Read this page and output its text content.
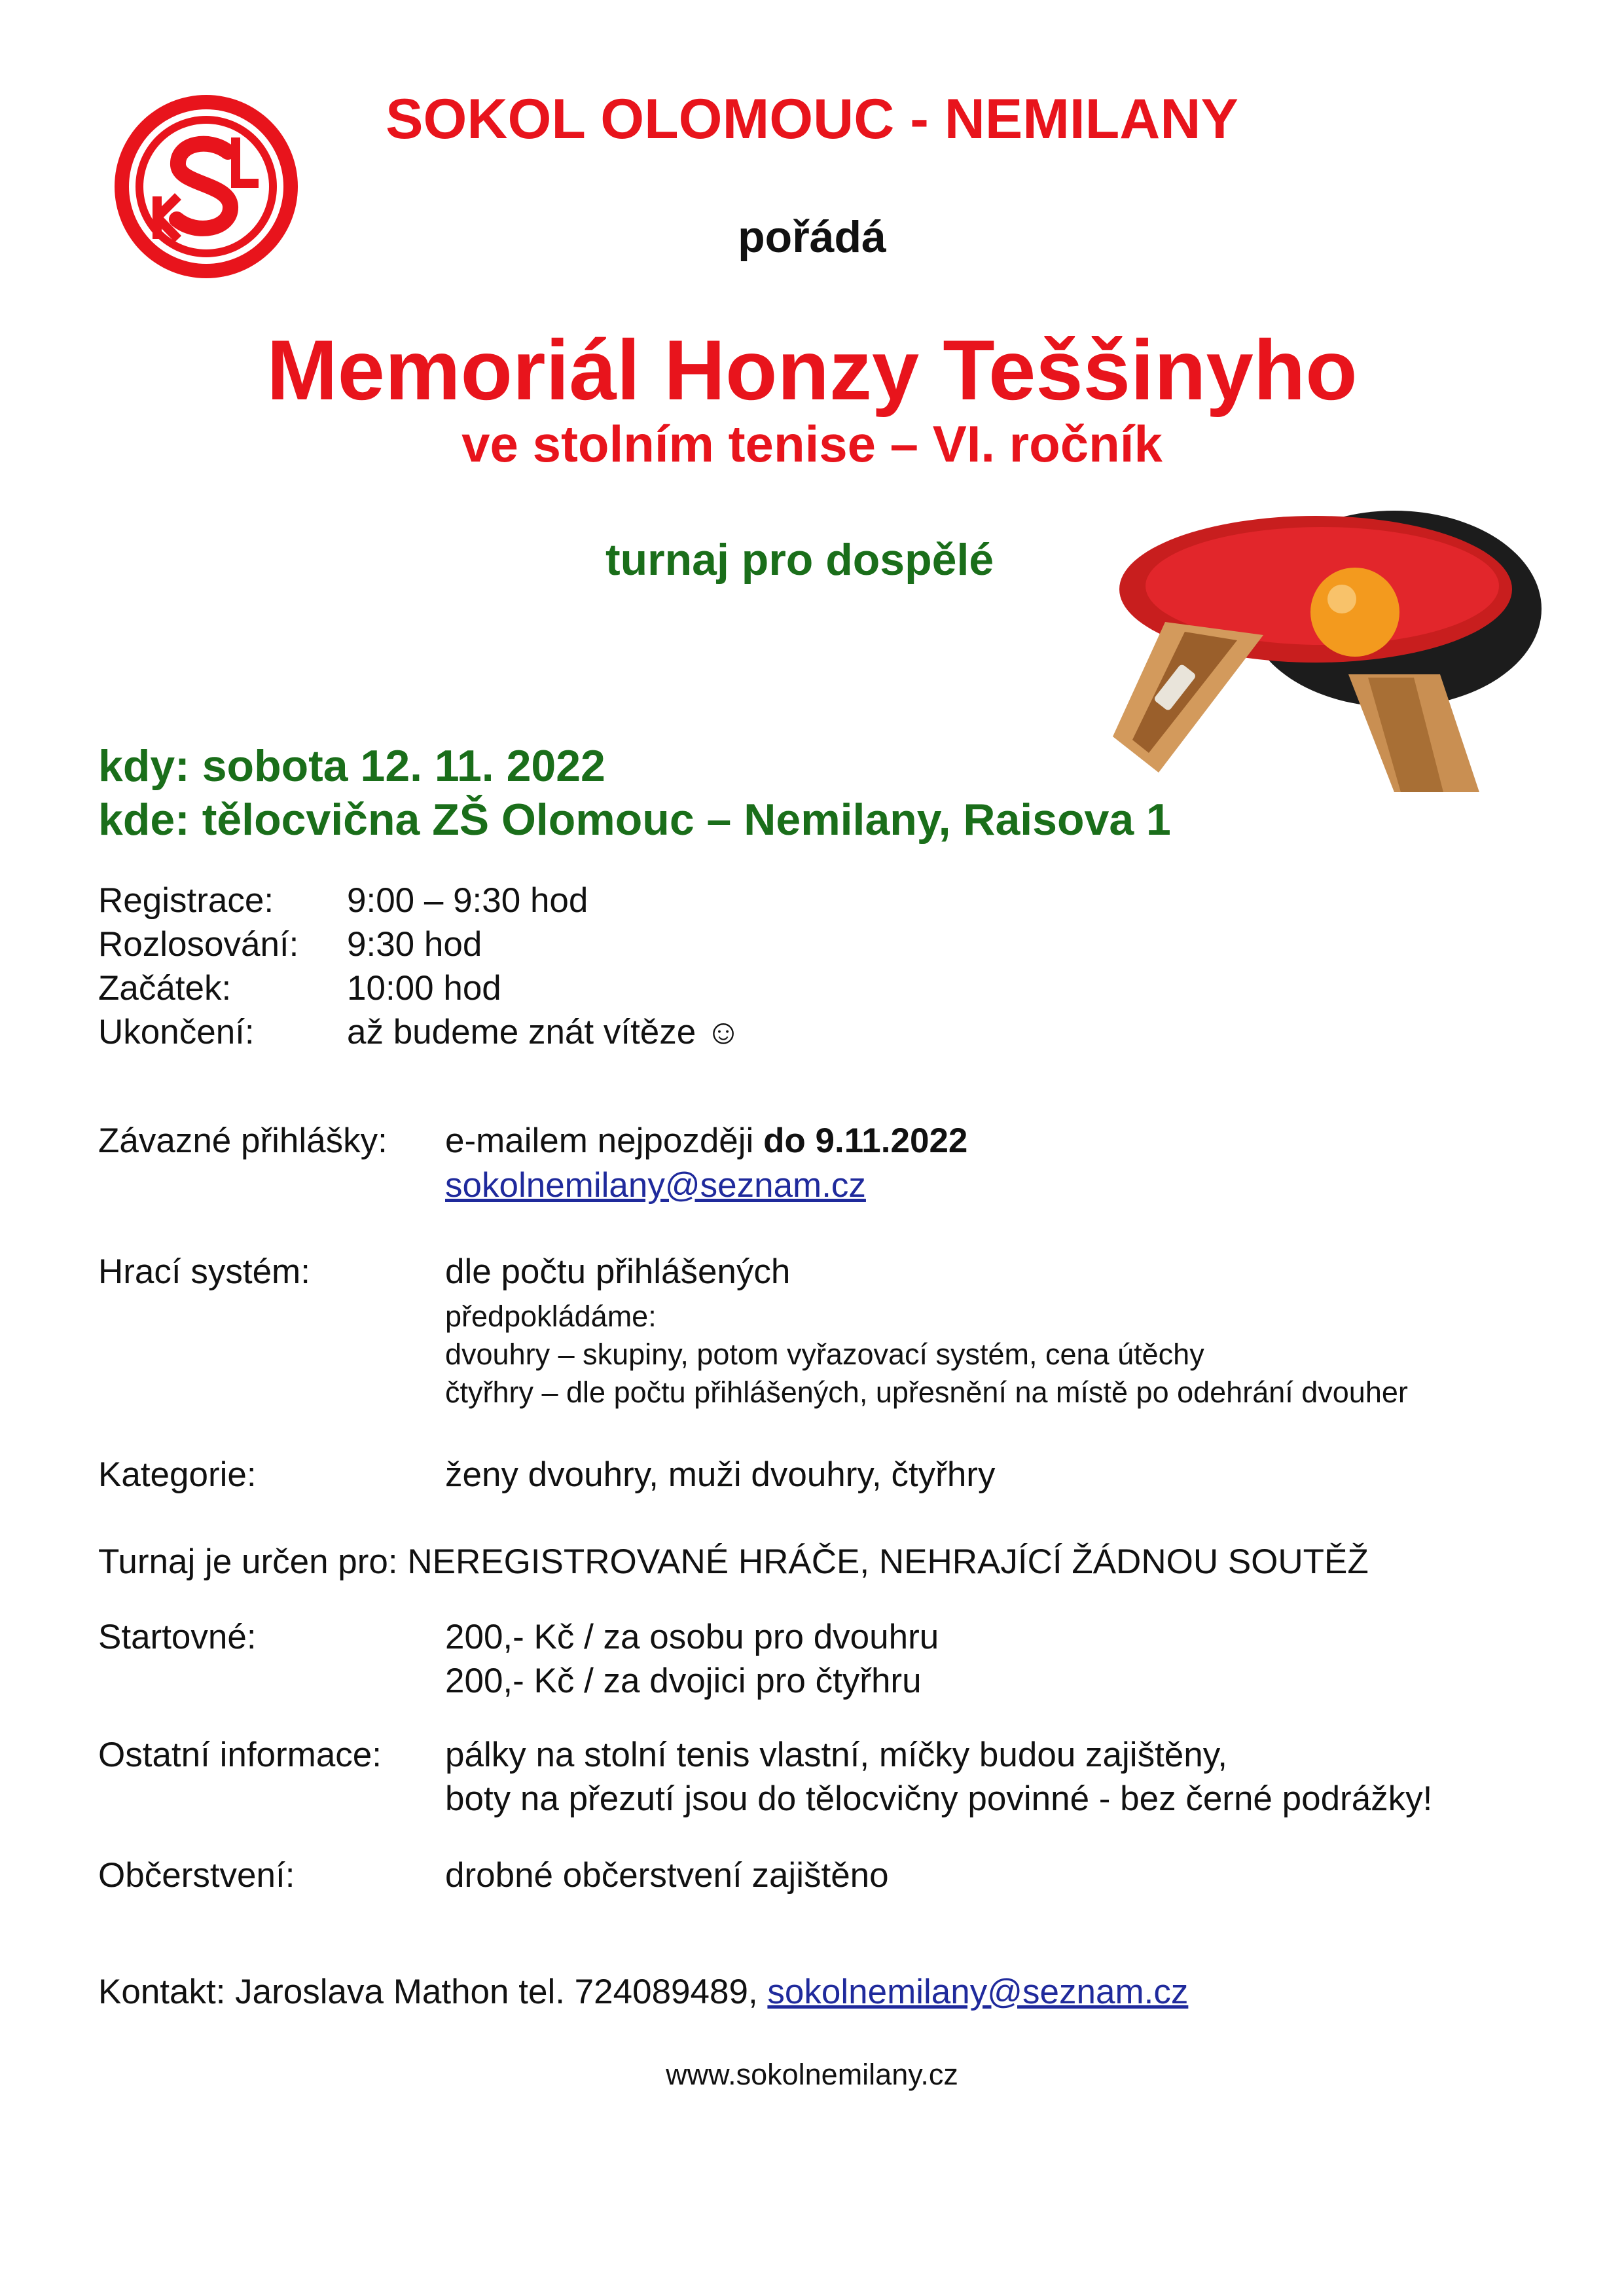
SOKOL OLOMOUC - NEMILANY
pořádá
Memoriál Honzy Teššinyho
ve stolním tenise – VI. ročník
turnaj pro dospělé
kdy: sobota 12. 11. 2022
kde: tělocvična ZŠ Olomouc – Nemilany, Raisova 1
Registrace: 9:00 – 9:30 hod
Rozlosování: 9:30 hod
Začátek:	10:00 hod
Ukončení:	až budeme znát vítěze ☺
Závazné přihlášky: e-mailem nejpozději do 9.11.2022
sokolnemilany@seznam.cz
Hrací systém:	dle počtu přihlášených
předpokládáme:
dvouhry – skupiny, potom vyřazovací systém, cena útěchy
čtyřhry – dle počtu přihlášených, upřesnění na místě po odehrání dvouher
Kategorie:	ženy dvouhry, muži dvouhry, čtyřhry
Turnaj je určen pro: NEREGISTROVANÉ HRÁČE, NEHRAJÍCÍ ŽÁDNOU SOUTĚŽ
Startovné:	200,- Kč / za osobu pro dvouhru
200,- Kč / za dvojici pro čtyřhru
Ostatní informace: pálky na stolní tenis vlastní, míčky budou zajištěny,
boty na přezutí jsou do tělocvičny povinné - bez černé podrážky!
Občerstvení:	drobné občerstvení zajištěno
Kontakt: Jaroslava Mathon tel. 724089489, sokolnemilany@seznam.cz
www.sokolnemilany.cz
